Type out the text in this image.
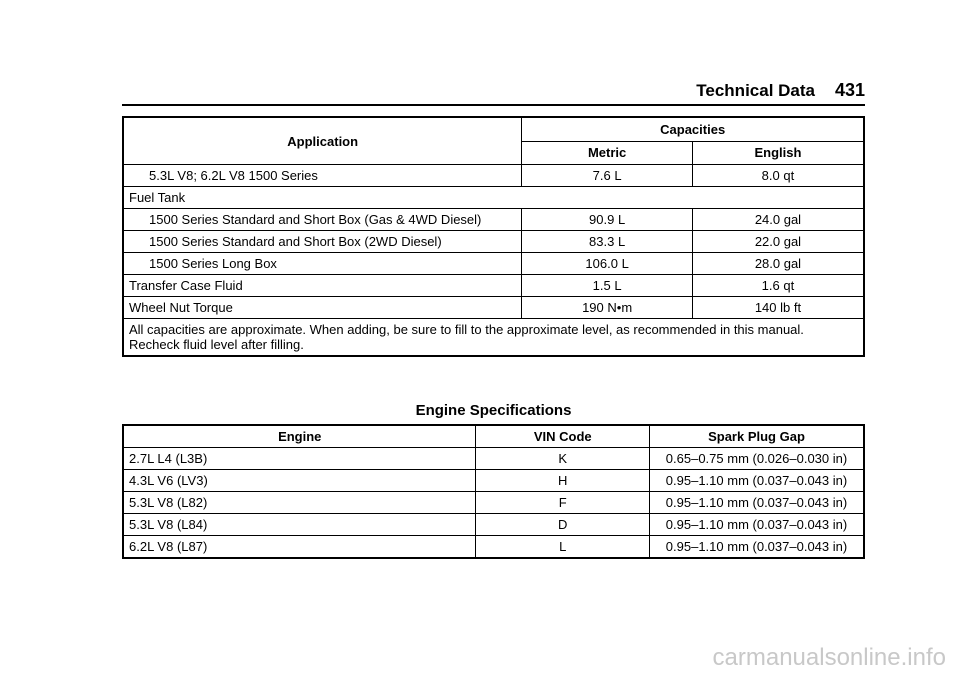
Technical Data 431
Application	Capacities	
	Metric	English
5.3L V8; 6.2L V8 1500 Series	7.6 L	8.0 qt
Fuel Tank		
1500 Series Standard and Short Box (Gas & 4WD Diesel)	90.9 L	24.0 gal
1500 Series Standard and Short Box (2WD Diesel)	83.3 L	22.0 gal
1500 Series Long Box	106.0 L	28.0 gal
Transfer Case Fluid	1.5 L	1.6 qt
Wheel Nut Torque	190 N•m	140 lb ft
All capacities are approximate. When adding, be sure to fill to the approximate level, as recommended in this manual. Recheck fluid level after filling.		
Engine Specifications
Engine	VIN Code	Spark Plug Gap
2.7L L4 (L3B)	K	0.65–0.75 mm (0.026–0.030 in)
4.3L V6 (LV3)	H	0.95–1.10 mm (0.037–0.043 in)
5.3L V8 (L82)	F	0.95–1.10 mm (0.037–0.043 in)
5.3L V8 (L84)	D	0.95–1.10 mm (0.037–0.043 in)
6.2L V8 (L87)	L	0.95–1.10 mm (0.037–0.043 in)
carmanualsonline.info
